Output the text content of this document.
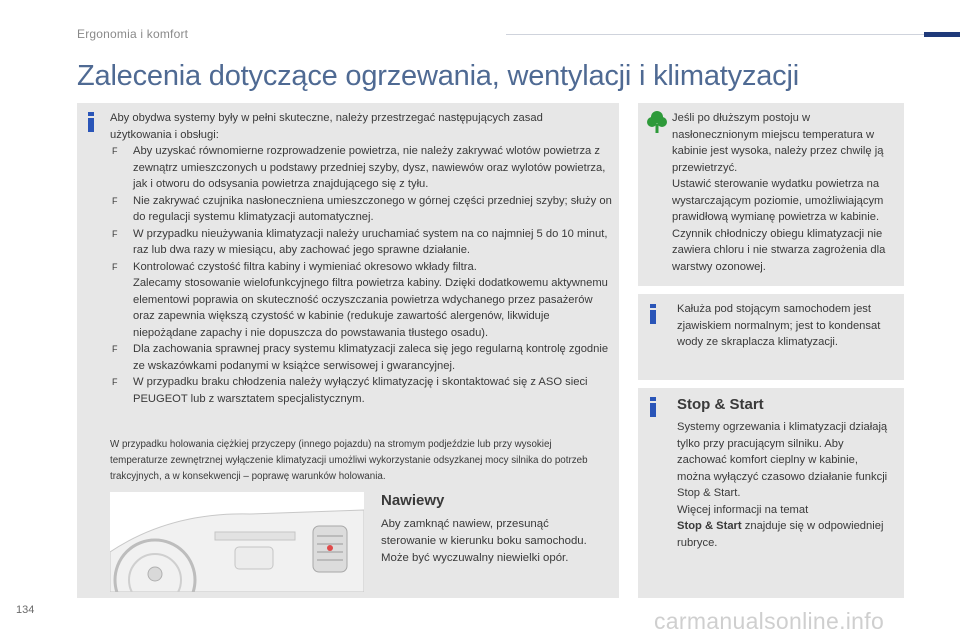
Ergonomia i komfort
Zalecenia dotyczące ogrzewania, wentylacji i klimatyzacji
Aby obydwa systemy były w pełni skuteczne, należy przestrzegać następujących zasad użytkowania i obsługi:
F Aby uzyskać równomierne rozprowadzenie powietrza, nie należy zakrywać wlotów powietrza z zewnątrz umieszczonych u podstawy przedniej szyby, dysz, nawiewów oraz wylotów powietrza, jak i otworu do odsysania powietrza znajdującego się z tyłu.
F Nie zakrywać czujnika nasłoneczniena umieszczonego w górnej części przedniej szyby; służy on do regulacji systemu klimatyzacji automatycznej.
F W przypadku nieużywania klimatyzacji należy uruchamiać system na co najmniej 5 do 10 minut, raz lub dwa razy w miesiącu, aby zachować jego sprawne działanie.
F Kontrolować czystość filtra kabiny i wymieniać okresowo wkłady filtra.
Zalecamy stosowanie wielofunkcyjnego filtra powietrza kabiny. Dzięki dodatkowemu aktywnemu elementowi poprawia on skuteczność oczyszczania powietrza wdychanego przez pasażerów oraz zapewnia większą czystość w kabinie (redukuje zawartość alergenów, likwiduje niepożądane zapachy i nie dopuszcza do powstawania tłustego osadu).
F Dla zachowania sprawnej pracy systemu klimatyzacji zaleca się jego regularną kontrolę zgodnie ze wskazówkami podanymi w książce serwisowej i gwarancyjnej.
F W przypadku braku chłodzenia należy wyłączyć klimatyzację i skontaktować się z ASO sieci PEUGEOT lub z warsztatem specjalistycznym.
W przypadku holowania ciężkiej przyczepy (innego pojazdu) na stromym podjeździe lub przy wysokiej temperaturze zewnętrznej wyłączenie klimatyzacji umożliwi wykorzystanie odsyzkanej mocy silnika do potrzeb trakcyjnych, a w konsekwencji – poprawę warunków holowania.
Nawiewy
Aby zamknąć nawiew, przesunąć sterowanie w kierunku boku samochodu. Może być wyczuwalny niewielki opór.
Jeśli po dłuższym postoju w nasłonecznionym miejscu temperatura w kabinie jest wysoka, należy przez chwilę ją przewietrzyć.
Ustawić sterowanie wydatku powietrza na wystarczającym poziomie, umożliwiającym prawidłową wymianę powietrza w kabinie.
Czynnik chłodniczy obiegu klimatyzacji nie zawiera chloru i nie stwarza zagrożenia dla warstwy ozonowej.
Kałuża pod stojącym samochodem jest zjawiskiem normalnym; jest to kondensat wody ze skraplacza klimatyzacji.
Stop & Start
Systemy ogrzewania i klimatyzacji działają tylko przy pracującym silniku. Aby zachować komfort cieplny w kabinie, można wyłączyć czasowo działanie funkcji Stop & Start.
Więcej informacji na temat
Stop & Start znajduje się w odpowiedniej rubryce.
134	carmanualsonline.info
